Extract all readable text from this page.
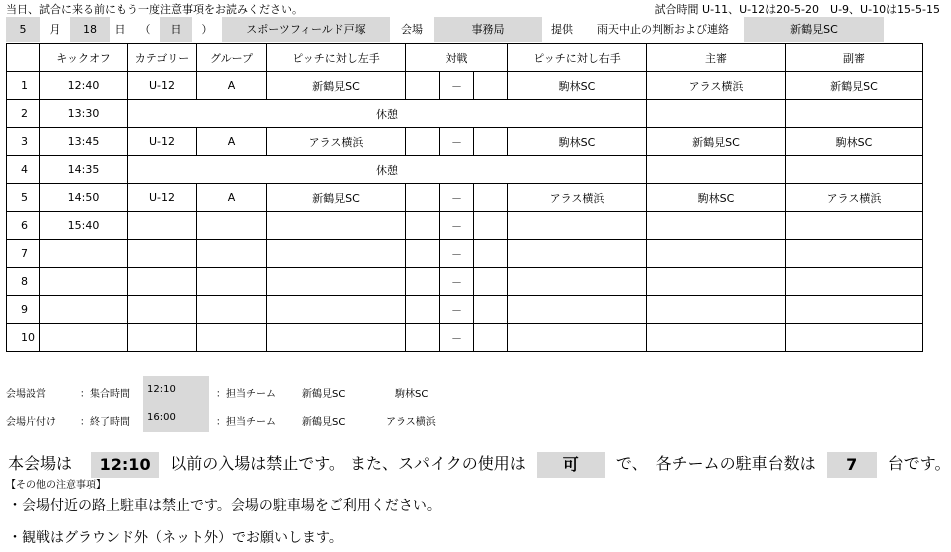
当日、試合に来る前にもう一度注意事項をお読みください。	試合時間 U-11、U-12は20-5-20　U-9、U-10は15-5-15
5	月	18	日	（	日	）	スポーツフィールド戸塚	会場	事務局	提供	雨天中止の判断および連絡	新鶴見SC
	キックオフ	カテゴリー	グループ	ピッチに対し左手	対戦			ピッチに対し右手	主審	副審
1	12:40	U-12	A	新鶴見SC		－		駒林SC	アラス横浜	新鶴見SC
2	13:30	休憩								
3	13:45	U-12	A	アラス横浜		－		駒林SC	新鶴見SC	駒林SC
4	14:35	休憩								
5	14:50	U-12	A	新鶴見SC		－		アラス横浜	駒林SC	アラス横浜
6	15:40					－				
7						－				
8						－				
9						－				
10						－				
会場設営	：集合時間	12:10	：担当チーム	新鶴見SC	駒林SC
会場片付け ：終了時間	16:00	：担当チーム	新鶴見SC	アラス横浜
本会場は 12:10 以前の入場は禁止です。 また、スパイクの使用は 可 で、　各チームの駐車台数は 7 台です。
【その他の注意事項】
・会場付近の路上駐車は禁止です。会場の駐車場をご利用ください。
・観戦はグラウンド外（ネット外）でお願いします。
